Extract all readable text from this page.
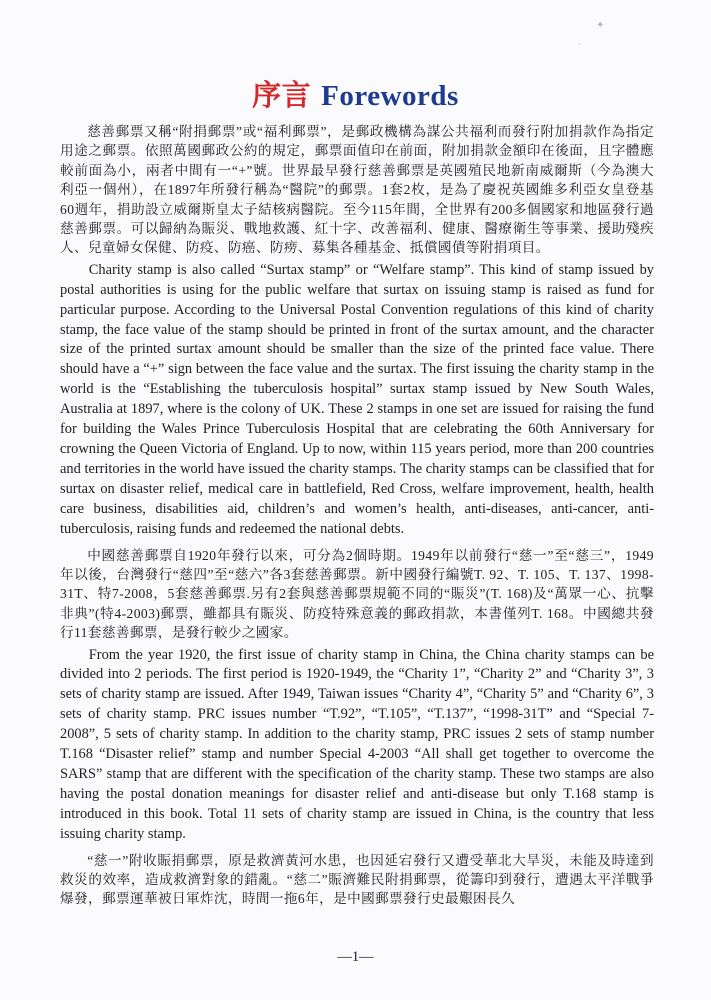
✦
·
序言 Forewords

慈善郵票又稱“附捐郵票”或“福利郵票”，是郵政機構為謀公共福利而發行附加捐款作為指定用途之郵票。依照萬國郵政公約的規定，郵票面值印在前面，附加捐款金額印在後面，且字體應較前面為小，兩者中間有一“+”號。世界最早發行慈善郵票是英國殖民地新南威爾斯（今為澳大利亞一個州），在1897年所發行稱為“醫院”的郵票。1套2枚，是為了慶祝英國維多利亞女皇登基60週年，捐助設立威爾斯皇太子結核病醫院。至今115年間，全世界有200多個國家和地區發行過慈善郵票。可以歸納為賑災、戰地救護、紅十字、改善福利、健康、醫療衛生等事業、援助殘疾人、兒童婦女保健、防疫、防癌、防痨、募集各種基金、抵償國債等附捐項目。

Charity stamp is also called “Surtax stamp” or “Welfare stamp”. This kind of stamp issued by postal authorities is using for the public welfare that surtax on issuing stamp is raised as fund for particular purpose. According to the Universal Postal Convention regulations of this kind of charity stamp, the face value of the stamp should be printed in front of the surtax amount, and the character size of the printed surtax amount should be smaller than the size of the printed face value. There should have a “+” sign between the face value and the surtax. The first issuing the charity stamp in the world is the “Establishing the tuberculosis hospital” surtax stamp issued by New South Wales, Australia at 1897, where is the colony of UK. These 2 stamps in one set are issued for raising the fund for building the Wales Prince Tuberculosis Hospital that are celebrating the 60th Anniversary for crowning the Queen Victoria of England. Up to now, within 115 years period, more than 200 countries and territories in the world have issued the charity stamps. The charity stamps can be classified that for surtax on disaster relief, medical care in battlefield, Red Cross, welfare improvement, health, health care business, disabilities aid, children’s and women’s health, anti-diseases, anti-cancer, anti- tuberculosis, raising funds and redeemed the national debts.

中國慈善郵票自1920年發行以來，可分為2個時期。1949年以前發行“慈一”至“慈三”，1949年以後，台灣發行“慈四”至“慈六”各3套慈善郵票。新中國發行編號T. 92、T. 105、T. 137、1998-31T、特7-2008，5套慈善郵票.另有2套與慈善郵票規範不同的“賑災”(T. 168)及“萬眾一心、抗擊非典”(特4-2003)郵票，雖都具有賑災、防疫特殊意義的郵政捐款，本書僅列T. 168。中國總共發行11套慈善郵票，是發行較少之國家。

From the year 1920, the first issue of charity stamp in China, the China charity stamps can be divided into 2 periods. The first period is 1920-1949, the “Charity 1”, “Charity 2” and “Charity 3”, 3 sets of charity stamp are issued. After 1949, Taiwan issues “Charity 4”, “Charity 5” and “Charity 6”, 3 sets of charity stamp. PRC issues number “T.92”, “T.105”, “T.137”, “1998-31T” and “Special 7-2008”, 5 sets of charity stamp. In addition to the charity stamp, PRC issues 2 sets of stamp number T.168 “Disaster relief” stamp and number Special 4-2003 “All shall get together to overcome the SARS” stamp that are different with the specification of the charity stamp. These two stamps are also having the postal donation meanings for disaster relief and anti-disease but only T.168 stamp is introduced in this book. Total 11 sets of charity stamp are issued in China, is the country that less issuing charity stamp.

“慈一”附收賑捐郵票，原是救濟黃河水患，也因延宕發行又遭受華北大旱災，未能及時達到救災的效率，造成救濟對象的錯亂。“慈二”賑濟難民附捐郵票，從籌印到發行，遭遇太平洋戰爭爆發，郵票運華被日軍炸沈，時間一拖6年，是中國郵票發行史最艱困長久

—1—
